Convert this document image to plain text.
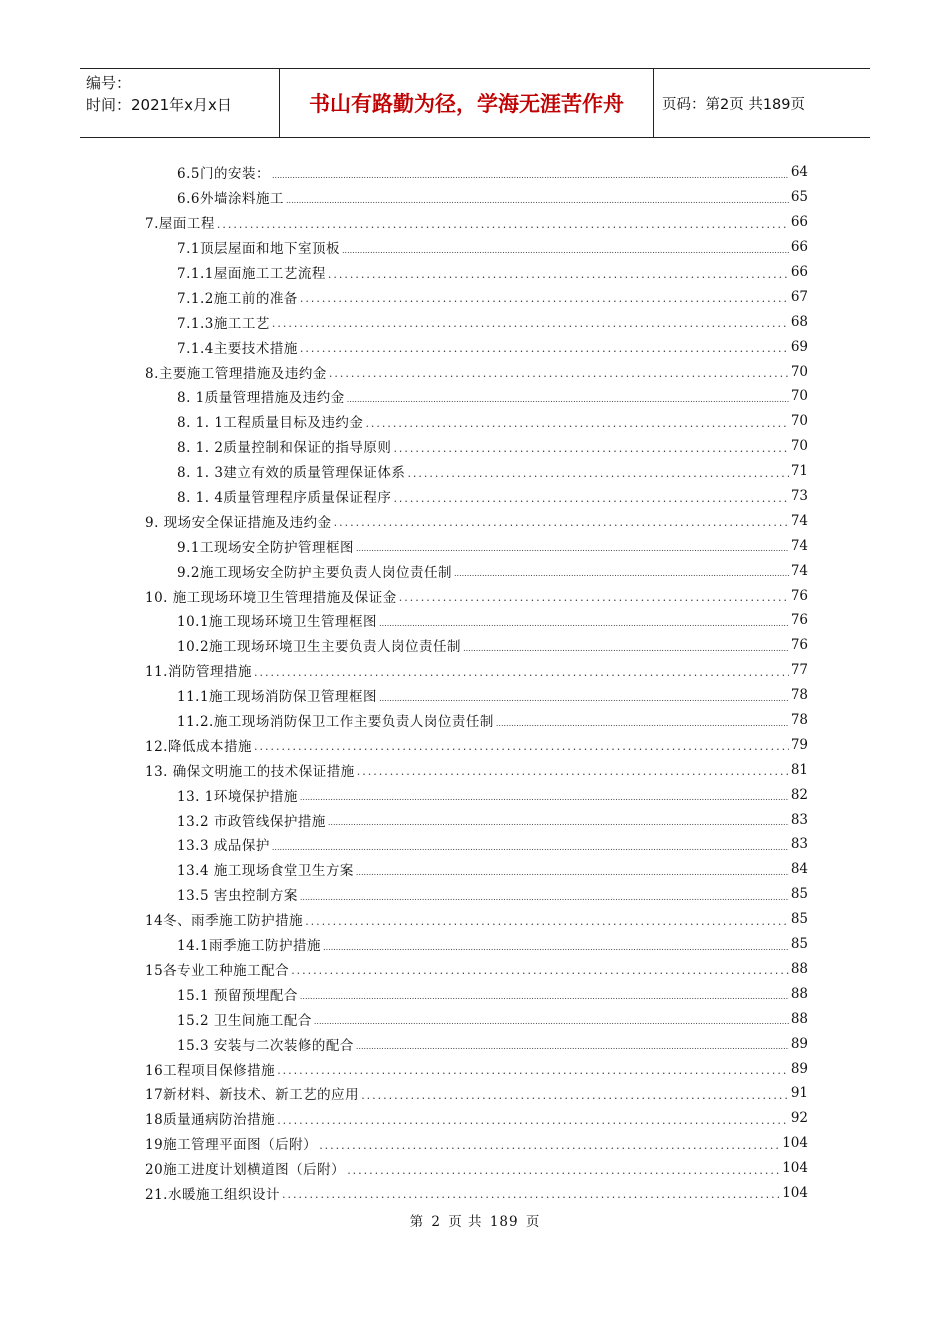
编号：
时间：2021年x月x日	书山有路勤为径，学海无涯苦作舟	页码：第2页 共189页
6.5门的安装： .....	64
6.6外墙涂料施工 .....	65
7.屋面工程 .....	66
7.1顶层屋面和地下室顶板 .....	66
7.1.1屋面施工工艺流程 .....	66
7.1.2施工前的准备 .....	67
7.1.3施工工艺 .....	68
7.1.4主要技术措施 .....	69
8.主要施工管理措施及违约金 .....	70
8. 1质量管理措施及违约金 .....	70
8. 1. 1工程质量目标及违约金 .....	70
8. 1. 2质量控制和保证的指导原则 .....	70
8. 1. 3建立有效的质量管理保证体系 .....	71
8. 1. 4质量管理程序质量保证程序 .....	73
9. 现场安全保证措施及违约金 .....	74
9.1工现场安全防护管理框图 .....	74
9.2施工现场安全防护主要负责人岗位责任制 .....	74
10. 施工现场环境卫生管理措施及保证金 .....	76
10.1施工现场环境卫生管理框图 .....	76
10.2施工现场环境卫生主要负责人岗位责任制 .....	76
11.消防管理措施 .....	77
11.1施工现场消防保卫管理框图 .....	78
11.2.施工现场消防保卫工作主要负责人岗位责任制 .....	78
12.降低成本措施 .....	79
13. 确保文明施工的技术保证措施 .....	81
13. 1环境保护措施 .....	82
13.2 市政管线保护措施 .....	83
13.3 成品保护 .....	83
13.4 施工现场食堂卫生方案 .....	84
13.5 害虫控制方案 .....	85
14冬、雨季施工防护措施 .....	85
14.1雨季施工防护措施 .....	85
15各专业工种施工配合 .....	88
15.1 预留预埋配合 .....	88
15.2 卫生间施工配合 .....	88
15.3 安装与二次装修的配合 .....	89
16工程项目保修措施 .....	89
17新材料、新技术、新工艺的应用 .....	91
18质量通病防治措施 .....	92
19施工管理平面图（后附） .....	104
20施工进度计划横道图（后附） .....	104
21.水暖施工组织设计 .....	104
第 2 页 共 189 页
